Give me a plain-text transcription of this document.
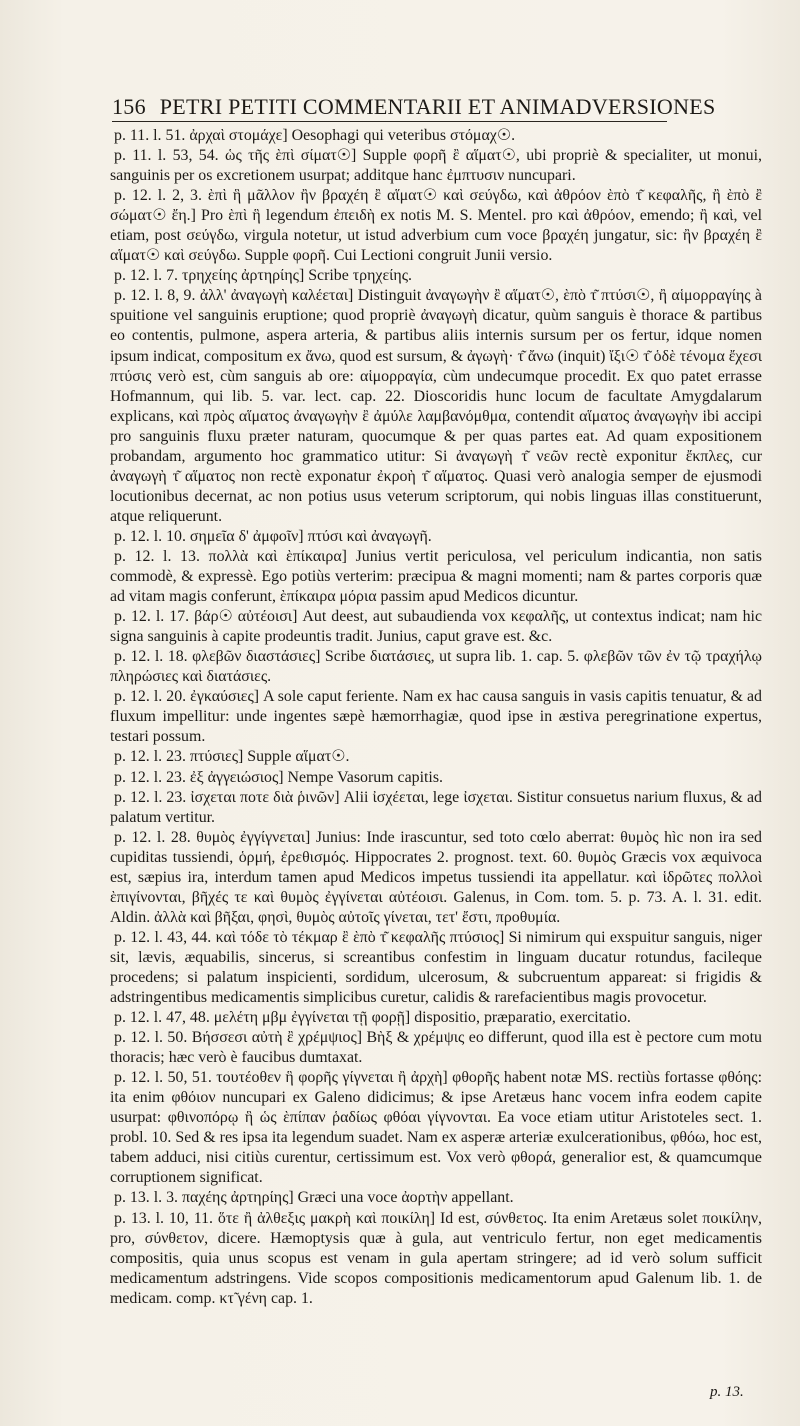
156 PETRI PETITI COMMENTARII ET ANIMADVERSIONES

p. 11. l. 51. ἀρχαὶ στομάχε] Oesophagi qui veteribus στόμαχ☉.

p. 11. l. 53, 54. ὡς τῆς ὲπὶ σίματ☉] Supple φορῆ ἒ αἵματ☉, ubi propriè & specialiter, ut monui, sanguinis per os excretionem usurpat; additque hanc ἐμπτυσιν nuncupari.

p. 12. l. 2, 3. ὲπὶ ἣ μᾶλλον ἢν βραχέη ἒ αἵματ☉ καὶ σεύγδω, καὶ ἀθρόον ὲπὸ τ͂ κεφαλῆς, ἢ ὲπὸ ἒ σώματ☉ ἔη.] Pro ὲπὶ ἣ legendum ἐπειδὴ ex notis M. S. Mentel. pro καὶ ἀθρόον, emendo; ἢ καὶ, vel etiam, post σεύγδω, virgula notetur, ut istud adverbium cum voce βραχέη jungatur, sic: ἢν βραχέη ἒ αἵματ☉ καὶ σεύγδω. Supple φορῆ. Cui Lectioni congruit Junii versio.

p. 12. l. 7. τρηχείης ἀρτηρίης] Scribe τρηχείης.

p. 12. l. 8, 9. ἀλλ' ἀναγωγὴ καλέεται] Distinguit ἀναγωγὴν ἒ αἵματ☉, ὲπὸ τ͂ πτύσι☉, ἢ αἱμορραγίης à spuitione vel sanguinis eruptione; quod propriè ἀναγωγὴ dicatur, quùm sanguis è thorace & partibus eo contentis, pulmone, aspera arteria, & partibus aliis internis sursum per os fertur, idque nomen ipsum indicat, compositum ex ἄνω, quod est sursum, & ἀγωγὴ· τ͂ ἄνω (inquit) ἴξι☉ τ͂ ὁδὲ τένομα ἔχεσι πτύσις verò est, cùm sanguis ab ore: αἱμορραγία, cùm undecumque procedit. Ex quo patet errasse Hofmannum, qui lib. 5. var. lect. cap. 22. Dioscoridis hunc locum de facultate Amygdalarum explicans, καὶ πρὸς αἵματος ἀναγωγὴν ἒ ἀμύλε λαμβανόμθμα, contendit αἵματος ἀναγωγὴν ibi accipi pro sanguinis fluxu præter naturam, quocumque & per quas partes eat. Ad quam expositionem probandam, argumento hoc grammatico utitur: Si ἀναγωγὴ τ͂ νεῶν rectè exponitur ἔκπλες, cur ἀναγωγὴ τ͂ αἵματος non rectè exponatur ἐκροὴ τ͂ αἵματος. Quasi verò analogia semper de ejusmodi locutionibus decernat, ac non potius usus veterum scriptorum, qui nobis linguas illas constituerunt, atque reliquerunt.

p. 12. l. 10. σημεῖα δ' ἀμφοῖν] πτύσι καὶ ἀναγωγῆ.

p. 12. l. 13. πολλὰ καὶ ὲπίκαιρα] Junius vertit periculosa, vel periculum indicantia, non satis commodè, & expressè. Ego potiùs verterim: præcipua & magni momenti; nam & partes corporis quæ ad vitam magis conferunt, ὲπίκαιρα μόρια passim apud Medicos dicuntur.

p. 12. l. 17. βάρ☉ αὐτέοισι] Aut deest, aut subaudienda vox κεφαλῆς, ut contextus indicat; nam hic signa sanguinis à capite prodeuntis tradit. Junius, caput grave est. &c.

p. 12. l. 18. φλεβῶν διαστάσιες] Scribe διατάσιες, ut supra lib. 1. cap. 5. φλεβῶν τῶν ἐν τῷ τραχήλῳ πληρώσιες καὶ διατάσιες.

p. 12. l. 20. ἐγκαύσιες] A sole caput feriente. Nam ex hac causa sanguis in vasis capitis tenuatur, & ad fluxum impellitur: unde ingentes sæpè hæmorrhagiæ, quod ipse in æstiva peregrinatione expertus, testari possum.

p. 12. l. 23. πτύσιες] Supple αἵματ☉.

p. 12. l. 23. ἐξ ἀγγειώσιος] Nempe Vasorum capitis.

p. 12. l. 23. ἰσχεται ποτε διὰ ῥινῶν] Alii ἰσχέεται, lege ἰσχεται. Sistitur consuetus narium fluxus, & ad palatum vertitur.

p. 12. l. 28. θυμὸς ἐγγίγνεται] Junius: Inde irascuntur, sed toto cœlo aberrat: θυμὸς hìc non ira sed cupiditas tussiendi, ὁρμή, ἐρεθισμός. Hippocrates 2. prognost. text. 60. θυμὸς Græcis vox æquivoca est, sæpius ira, interdum tamen apud Medicos impetus tussiendi ita appellatur. καὶ ἱδρῶτες πολλοὶ ὲπιγίνονται, βῆχές τε καὶ θυμὸς ἐγγίνεται αὐτέοισι. Galenus, in Com. tom. 5. p. 73. A. l. 31. edit. Aldin. ἀλλὰ καὶ βῆξαι, φησὶ, θυμὸς αὐτοῖς γίνεται, τετ' ἔστι, προθυμία.

p. 12. l. 43, 44. καὶ τόδε τὸ τέκμαρ ἒ ὲπὸ τ͂ κεφαλῆς πτύσιος] Si nimirum qui exspuitur sanguis, niger sit, lævis, æquabilis, sincerus, si screantibus confestim in linguam ducatur rotundus, facileque procedens; si palatum inspicienti, sordidum, ulcerosum, & subcruentum appareat: si frigidis & adstringentibus medicamentis simplicibus curetur, calidis & rarefacientibus magis provocetur.

p. 12. l. 47, 48. μελέτη μβμ ἐγγίνεται τῇ φορῇ] dispositio, præparatio, exercitatio.

p. 12. l. 50. Βήσσεσι αὐτὴ ἒ χρέμψιος] Βὴξ & χρέμψις eo differunt, quod illa est è pectore cum motu thoracis; hæc verò è faucibus dumtaxat.

p. 12. l. 50, 51. τουτέοθεν ἣ φορῆς γίγνεται ἢ ἀρχὴ] φθορῆς habent notæ MS. rectiùs fortasse φθόης: ita enim φθόιον nuncupari ex Galeno didicimus; & ipse Aretæus hanc vocem infra eodem capite usurpat: φθινοπόρῳ ἣ ὡς ὲπίπαν ῥαδίως φθόαι γίγνονται. Ea voce etiam utitur Aristoteles sect. 1. probl. 10. Sed & res ipsa ita legendum suadet. Nam ex asperæ arteriæ exulcerationibus, φθόω, hoc est, tabem adduci, nisi citiùs curentur, certissimum est. Vox verò φθορά, generalior est, & quamcumque corruptionem significat.

p. 13. l. 3. παχέης ἀρτηρίης] Græci una voce ἀορτὴν appellant.

p. 13. l. 10, 11. ὅτε ἢ ἀλθεξις μακρὴ καὶ ποικίλη] Id est, σύνθετος. Ita enim Aretæus solet ποικίλην, pro, σύνθετον, dicere. Hæmoptysis quæ à gula, aut ventriculo fertur, non eget medicamentis compositis, quia unus scopus est venam in gula apertam stringere; ad id verò solum sufficit medicamentum adstringens. Vide scopos compositionis medicamentorum apud Galenum lib. 1. de medicam. comp. κτ̃ γένη cap. 1.

p. 13.
